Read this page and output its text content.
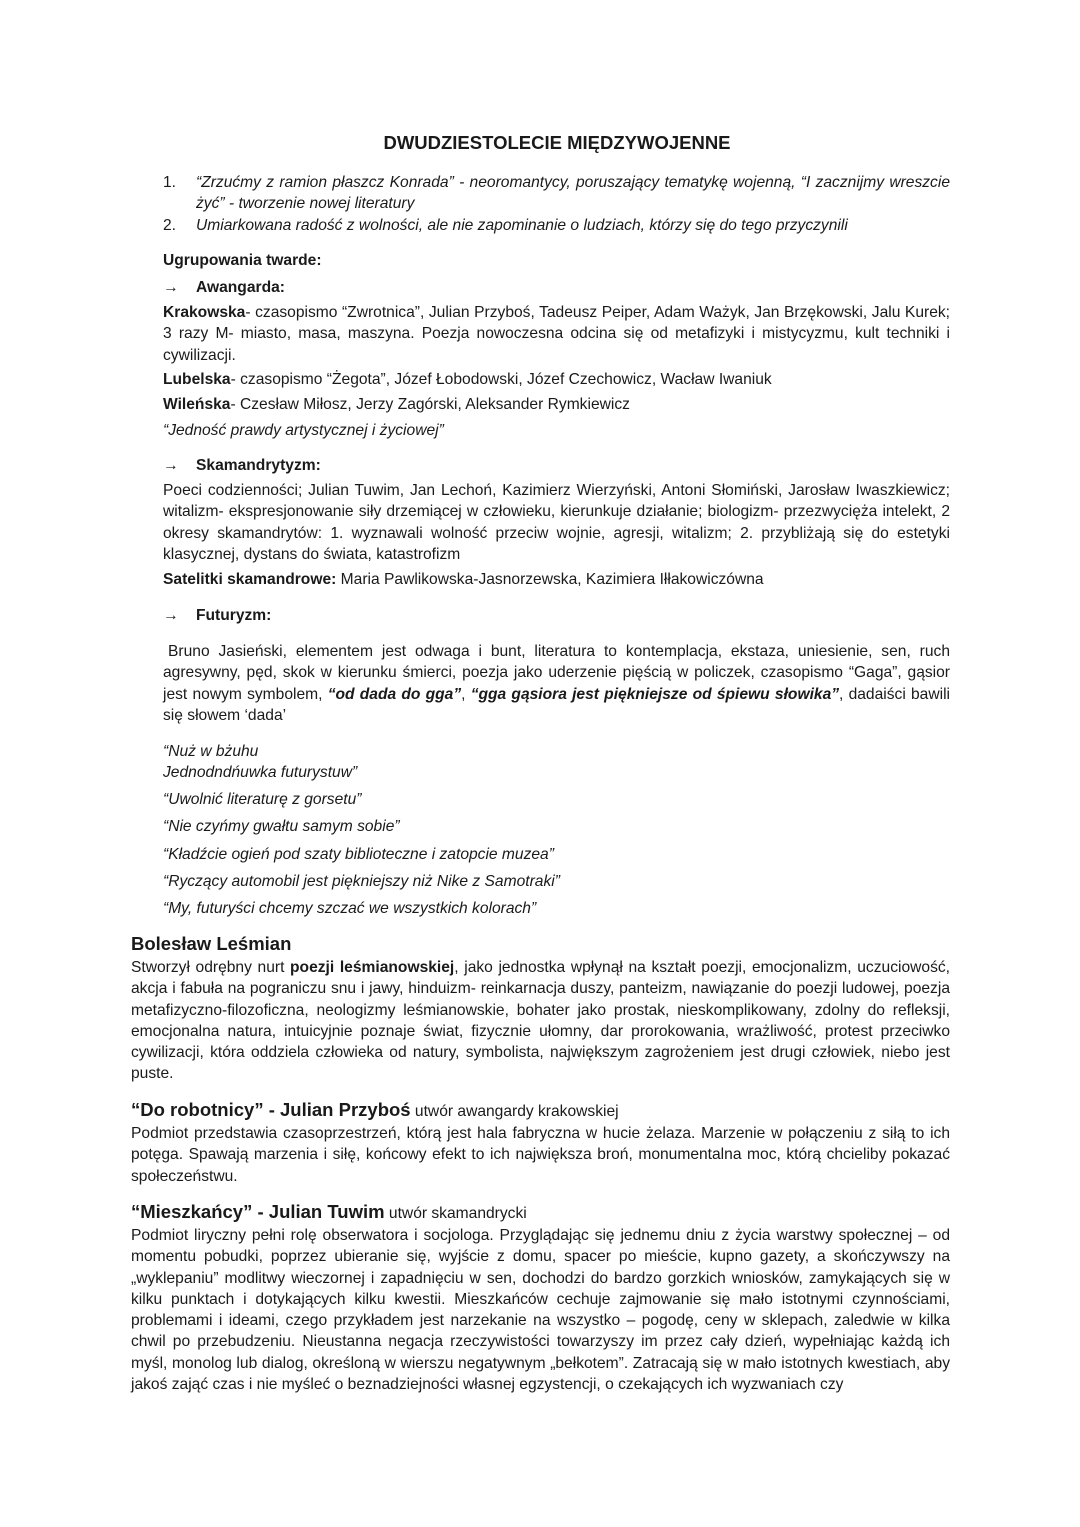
DWUDZIESTOLECIE MIĘDZYWOJENNE
1. “Zrzućmy z ramion płaszcz Konrada” - neoromantycy, poruszający tematykę wojenną, “I zacznijmy wreszcie żyć” - tworzenie nowej literatury
2. Umiarkowana radość z wolności, ale nie zapominanie o ludziach, którzy się do tego przyczynili
Ugrupowania twarde:
→ Awangarda:
Krakowska- czasopismo “Zwrotnica”, Julian Przyboś, Tadeusz Peiper, Adam Ważyk, Jan Brzękowski, Jalu Kurek; 3 razy M- miasto, masa, maszyna. Poezja nowoczesna odcina się od metafizyki i mistycyzmu, kult techniki i cywilizacji.
Lubelska- czasopismo “Żegota”, Józef Łobodowski, Józef Czechowicz, Wacław Iwaniuk
Wileńska- Czesław Miłosz, Jerzy Zagórski, Aleksander Rymkiewicz
“Jedność prawdy artystycznej i życiowej”
→ Skamandrytyzm:
Poeci codzienności; Julian Tuwim, Jan Lechoń, Kazimierz Wierzyński, Antoni Słomiński, Jarosław Iwaszkiewicz; witalizm- ekspresjonowanie siły drzemiącej w człowieku, kierunkuje działanie; biologizm- przezwycięża intelekt, 2 okresy skamandrytów: 1. wyznawali wolność przeciw wojnie, agresji, witalizm; 2. przybliżają się do estetyki klasycznej, dystans do świata, katastrofizm
Satelitki skamandrowe: Maria Pawlikowska-Jasnorzewska, Kazimiera Iłłakowiczówna
→ Futuryzm:
Bruno Jasieński, elementem jest odwaga i bunt, literatura to kontemplacja, ekstaza, uniesienie, sen, ruch agresywny, pęd, skok w kierunku śmierci, poezja jako uderzenie pięścią w policzek, czasopismo “Gaga”, gąsior jest nowym symbolem, “od dada do gga”, “gga gąsiora jest piękniejsze od śpiewu słowika”, dadaiści bawili się słowem ‘dada’
“Nuż w bżuhu
Jednodndńuwka futurystuw”
“Uwolnić literaturę z gorsetu”
“Nie czyńmy gwałtu samym sobie”
“Kładźcie ogień pod szaty biblioteczne i zatopcie muzea”
“Ryczący automobil jest piękniejszy niż Nike z Samotraki”
“My, futuryści chcemy szczać we wszystkich kolorach”
Bolesław Leśmian
Stworzył odrębny nurt poezji leśmianowskiej, jako jednostka wpłynął na kształt poezji, emocjonalizm, uczuciowość, akcja i fabuła na pograniczu snu i jawy, hinduizm- reinkarnacja duszy, panteizm, nawiązanie do poezji ludowej, poezja metafizyczno-filozoficzna, neologizmy leśmianowskie, bohater jako prostak, nieskomplikowany, zdolny do refleksji, emocjonalna natura, intuicyjnie poznaje świat, fizycznie ułomny, dar prorokowania, wrażliwość, protest przeciwko cywilizacji, która oddziela człowieka od natury, symbolista, największym zagrożeniem jest drugi człowiek, niebo jest puste.
“Do robotnicy” - Julian Przyboś utwór awangardy krakowskiej
Podmiot przedstawia czasoprzestrzeń, którą jest hala fabryczna w hucie żelaza. Marzenie w połączeniu z siłą to ich potęga. Spawają marzenia i siłę, końcowy efekt to ich największa broń, monumentalna moc, którą chcieliby pokazać społeczeństwu.
“Mieszkańcy” - Julian Tuwim utwór skamandrycki
Podmiot liryczny pełni rolę obserwatora i socjologa. Przyglądając się jednemu dniu z życia warstwy społecznej – od momentu pobudki, poprzez ubieranie się, wyjście z domu, spacer po mieście, kupno gazety, a skończywszy na „wyklepaniu” modlitwy wieczornej i zapadnięciu w sen, dochodzi do bardzo gorzkich wniosków, zamykających się w kilku punktach i dotykających kilku kwestii. Mieszkańców cechuje zajmowanie się mało istotnymi czynnościami, problemami i ideami, czego przykładem jest narzekanie na wszystko – pogodę, ceny w sklepach, zaledwie w kilka chwil po przebudzeniu. Nieustanna negacja rzeczywistości towarzyszy im przez cały dzień, wypełniając każdą ich myśl, monolog lub dialog, określoną w wierszu negatywnym „bełkotem”. Zatracają się w mało istotnych kwestiach, aby jakoś zająć czas i nie myśleć o beznadziejności własnej egzystencji, o czekających ich wyzwaniach czy
